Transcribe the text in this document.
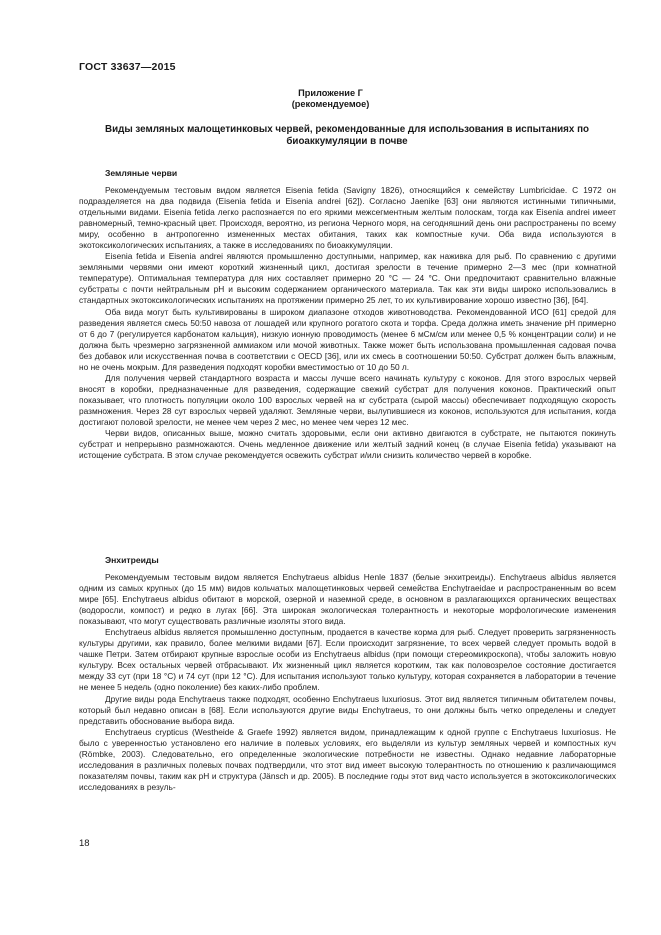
ГОСТ 33637—2015
Приложение Г
(рекомендуемое)
Виды земляных малощетинковых червей, рекомендованные для использования в испытаниях по биоаккумуляции в почве
Земляные черви

Рекомендуемым тестовым видом является Eisenia fetida (Savigny 1826), относящийся к семейству Lumbricidae. С 1972 он подразделяется на два подвида (Eisenia fetida и Eisenia andrei [62]). Согласно Jaenike [63] они являются истинными типичными, отдельными видами. Eisenia fetida легко распознается по его яркими межсегментным желтым полоскам, тогда как Eisenia andrei имеет равномерный, темно-красный цвет. Происходя, вероятно, из региона Черного моря, на сегодняшний день они распространены по всему миру, особенно в антропогенно измененных местах обитания, таких как компостные кучи. Оба вида используются в экотоксикологических испытаниях, а также в исследованиях по биоаккумуляции.

Eisenia fetida и Eisenia andrei являются промышленно доступными, например, как наживка для рыб. По сравнению с другими земляными червями они имеют короткий жизненный цикл, достигая зрелости в течение примерно 2—3 мес (при комнатной температуре). Оптимальная температура для них составляет примерно 20 °С — 24 °С. Они предпочитают сравнительно влажные субстраты с почти нейтральным рН и высоким содержанием органического материала. Так как эти виды широко использовались в стандартных экотоксикологических испытаниях на протяжении примерно 25 лет, то их культивирование хорошо известно [36], [64].

Оба вида могут быть культивированы в широком диапазоне отходов животноводства. Рекомендованной ИСО [61] средой для разведения является смесь 50:50 навоза от лошадей или крупного рогатого скота и торфа. Среда должна иметь значение рН примерно от 6 до 7 (регулируется карбонатом кальция), низкую ионную проводимость (менее 6 мСм/см или менее 0,5 % концентрации соли) и не должна быть чрезмерно загрязненной аммиаком или мочой животных. Также может быть использована промышленная садовая почва без добавок или искусственная почва в соответствии с OECD [36], или их смесь в соотношении 50:50. Субстрат должен быть влажным, но не очень мокрым. Для разведения подходят коробки вместимостью от 10 до 50 л.

Для получения червей стандартного возраста и массы лучше всего начинать культуру с коконов. Для этого взрослых червей вносят в коробки, предназначенные для разведения, содержащие свежий субстрат для получения коконов. Практический опыт показывает, что плотность популяции около 100 взрослых червей на кг субстрата (сырой массы) обеспечивает подходящую скорость размножения. Через 28 сут взрослых червей удаляют. Земляные черви, вылупившиеся из коконов, используются для испытания, когда достигают половой зрелости, не менее чем через 2 мес, но менее чем через 12 мес.

Черви видов, описанных выше, можно считать здоровыми, если они активно двигаются в субстрате, не пытаются покинуть субстрат и непрерывно размножаются. Очень медленное движение или желтый задний конец (в случае Eisenia fetida) указывают на истощение субстрата. В этом случае рекомендуется освежить субстрат и/или снизить количество червей в коробке.

Энхитреиды

Рекомендуемым тестовым видом является Enchytraeus albidus Henle 1837 (белые энхитреиды). Enchytraeus albidus является одним из самых крупных (до 15 мм) видов кольчатых малощетинковых червей семейства Enchytraeidae и распространенным во всем мире [65]. Enchytraeus albidus обитают в морской, озерной и наземной среде, в основном в разлагающихся органических веществах (водоросли, компост) и редко в лугах [66]. Эта широкая экологическая толерантность и некоторые морфологические изменения показывают, что могут существовать различные изоляты этого вида.

Enchytraeus albidus является промышленно доступным, продается в качестве корма для рыб. Следует проверить загрязненность культуры другими, как правило, более мелкими видами [67]. Если происходит загрязнение, то всех червей следует промыть водой в чашке Петри. Затем отбирают крупные взрослые особи из Enchytraeus albidus (при помощи стереомикроскопа), чтобы заложить новую культуру. Всех остальных червей отбрасывают. Их жизненный цикл является коротким, так как половозрелое состояние достигается между 33 сут (при 18 °С) и 74 сут (при 12 °С). Для испытания используют только культуру, которая сохраняется в лаборатории в течение не менее 5 недель (одно поколение) без каких-либо проблем.

Другие виды рода Enchytraeus также подходят, особенно Enchytraeus luxuriosus. Этот вид является типичным обитателем почвы, который был недавно описан в [68]. Если используются другие виды Enchytraeus, то они должны быть четко определены и следует представить обоснование выбора вида.

Enchytraeus crypticus (Westheide & Graefe 1992) является видом, принадлежащим к одной группе с Enchytraeus luxuriosus. Не было с уверенностью установлено его наличие в полевых условиях, его выделяли из культур земляных червей и компостных куч (Römbke, 2003). Следовательно, его определенные экологические потребности не известны. Однако недавние лабораторные исследования в различных полевых почвах подтвердили, что этот вид имеет высокую толерантность по отношению к различающимся показателям почвы, таким как рН и структура (Jänsch и др. 2005). В последние годы этот вид часто используется в экотоксикологических исследованиях в резуль-

18
